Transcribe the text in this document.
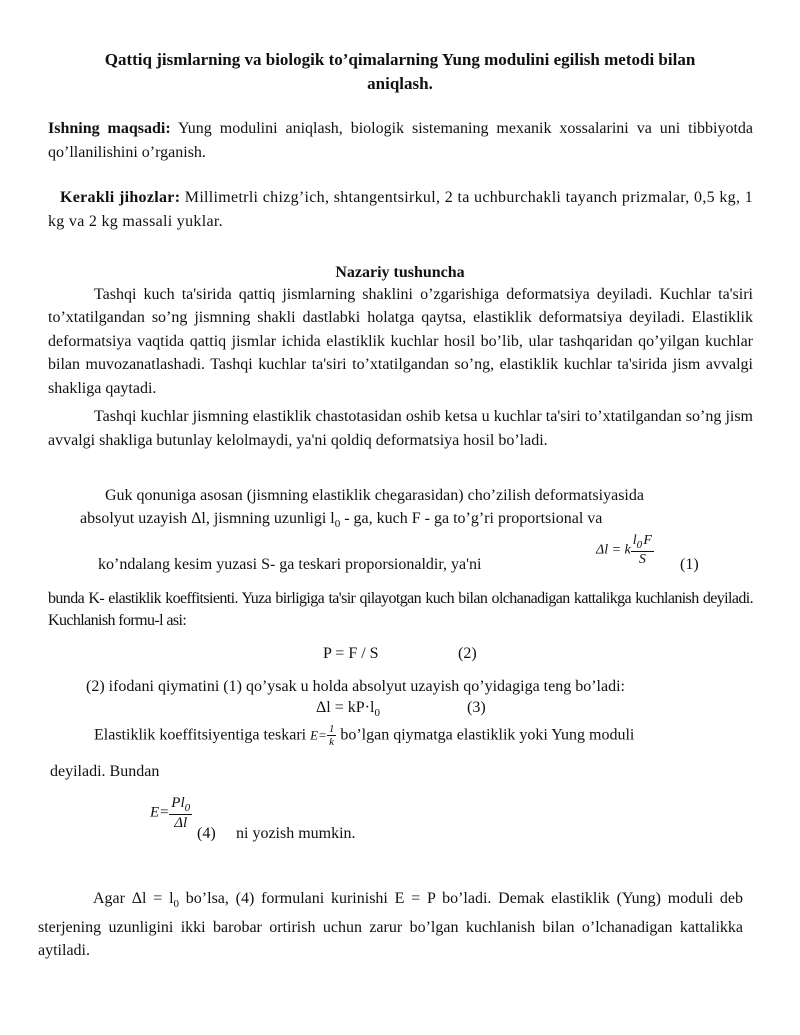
Qattiq jismlarning va biologik to’qimalarning Yung modulini egilish metodi bilan
aniqlash.

Ishning maqsadi: Yung modulini aniqlash, biologik sistemaning mexanik xossalarini va uni tibbiyotda qo’llanilishini o’rganish.

Kerakli jihozlar: Millimetrli chizg’ich, shtangentsirkul, 2 ta uchburchakli tayanch prizmalar, 0,5 kg, 1 kg va 2 kg massali yuklar.

Nazariy tushuncha

Tashqi kuch ta'sirida qattiq jismlarning shaklini o’zgarishiga deformatsiya deyiladi. Kuchlar ta'siri to’xtatilgandan so’ng jismning shakli dastlabki holatga qaytsa, elastiklik deformatsiya deyiladi. Elastiklik deformatsiya vaqtida qattiq jismlar ichida elastiklik kuchlar hosil bo’lib, ular tashqaridan qo’yilgan kuchlar bilan muvozanatlashadi. Tashqi kuchlar ta'siri to’xtatilgandan so’ng, elastiklik kuchlar ta'sirida jism avvalgi shakliga qaytadi.

Tashqi kuchlar jismning elastiklik chastotasidan oshib ketsa u kuchlar ta'siri to’xtatilgandan so’ng jism avvalgi shakliga butunlay kelolmaydi, ya'ni qoldiq deformatsiya hosil bo’ladi.

Guk qonuniga asosan (jismning elastiklik chegarasidan) cho’zilish deformatsiyasida
absolyut uzayish Δl, jismning uzunligi $l_0$ - ga, kuch F - ga to’g’ri proportsional va
ko’ndalang kesim yuzasi S- ga teskari proporsionaldir, ya'ni
Δl = k $\frac{l_0 F}{S} (1)$

bunda K- elastiklik koeffitsienti. Yuza birligiga ta'sir qilayotgan kuch bilan olchanadigan kattalikga kuchlanish deyiladi. Kuchlanish formu-l asi:

P = F / S	(2)
(2) ifodani qiymatini (1) qo’ysak u holda absolyut uzayish qo’yidagiga teng bo’ladi:
$\Delta l = kP\cdot l_0$	(3)
Elastiklik koeffitsiyentiga teskari $E= \frac{1}{k}$ bo’lgan qiymatga elastiklik yoki Yung moduli
deyiladi. Bundan
$E= \frac{Pl_0}{\Delta l}$
(4) ni yozish mumkin.

Agar $\Delta l = l_0$ bo’lsa, (4) formulani kurinishi E = P bo’ladi. Demak elastiklik (Yung) moduli deb sterjening uzunligini ikki barobar ortirish uchun zarur bo’lgan kuchlanish bilan o’lchanadigan kattalikka aytiladi.
